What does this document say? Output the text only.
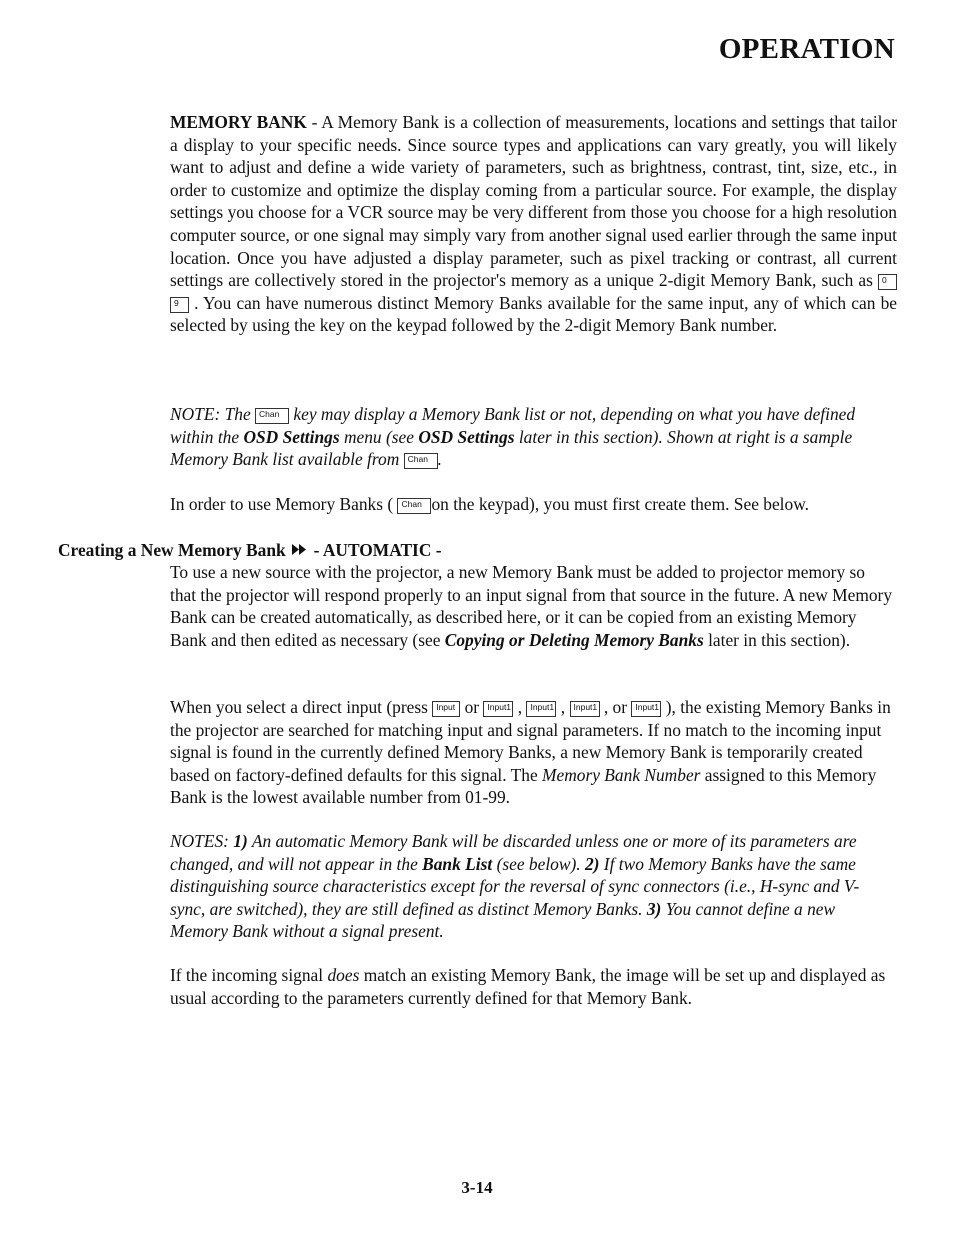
OPERATION
MEMORY BANK - A Memory Bank is a collection of measurements, locations and settings that tailor a display to your specific needs. Since source types and applications can vary greatly, you will likely want to adjust and define a wide variety of parameters, such as brightness, contrast, tint, size, etc., in order to customize and optimize the display coming from a particular source. For example, the display settings you choose for a VCR source may be very different from those you choose for a high resolution computer source, or one signal may simply vary from another signal used earlier through the same input location. Once you have adjusted a display parameter, such as pixel tracking or contrast, all current settings are collectively stored in the projector's memory as a unique 2-digit Memory Bank, such as 0 9 . You can have numerous distinct Memory Banks available for the same input, any of which can be selected by using the key on the keypad followed by the 2-digit Memory Bank number.
NOTE: The Chan key may display a Memory Bank list or not, depending on what you have defined within the OSD Settings menu (see OSD Settings later in this section). Shown at right is a sample Memory Bank list available from Chan .
In order to use Memory Banks ( Chan on the keypad), you must first create them. See below.
Creating a New Memory Bank - AUTOMATIC -
To use a new source with the projector, a new Memory Bank must be added to projector memory so that the projector will respond properly to an input signal from that source in the future. A new Memory Bank can be created automatically, as described here, or it can be copied from an existing Memory Bank and then edited as necessary (see Copying or Deleting Memory Banks later in this section).
When you select a direct input (press Input or Input1 , Input1 , Input1 , or Input1 ), the existing Memory Banks in the projector are searched for matching input and signal parameters. If no match to the incoming input signal is found in the currently defined Memory Banks, a new Memory Bank is temporarily created based on factory-defined defaults for this signal. The Memory Bank Number assigned to this Memory Bank is the lowest available number from 01-99.
NOTES: 1) An automatic Memory Bank will be discarded unless one or more of its parameters are changed, and will not appear in the Bank List (see below). 2) If two Memory Banks have the same distinguishing source characteristics except for the reversal of sync connectors (i.e., H-sync and V-sync, are switched), they are still defined as distinct Memory Banks. 3) You cannot define a new Memory Bank without a signal present.
If the incoming signal does match an existing Memory Bank, the image will be set up and displayed as usual according to the parameters currently defined for that Memory Bank.
3-14
